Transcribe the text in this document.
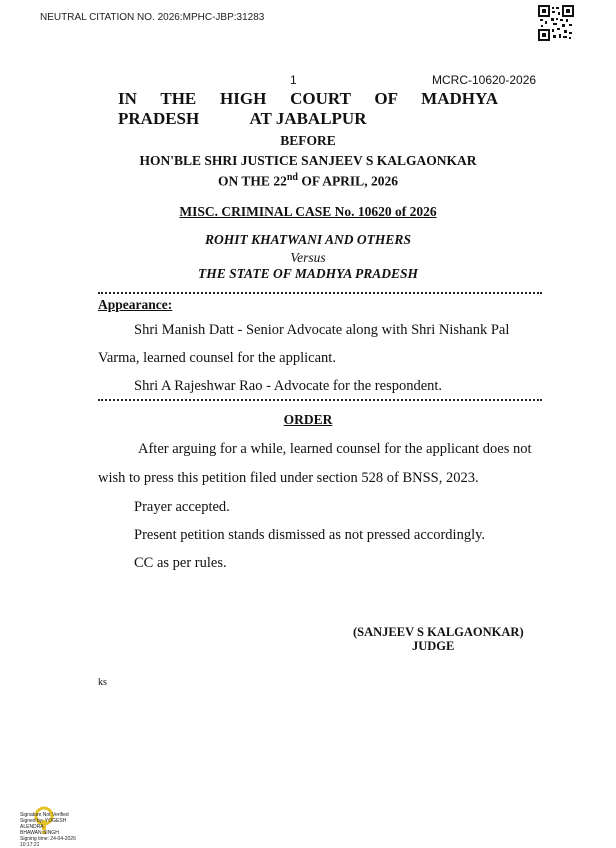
NEUTRAL CITATION NO. 2026:MPHC-JBP:31283
1	MCRC-10620-2026
IN THE HIGH COURT OF MADHYA PRADESH	AT JABALPUR
BEFORE
HON'BLE SHRI JUSTICE SANJEEV S KALGAONKAR
ON THE 22nd OF APRIL, 2026
MISC. CRIMINAL CASE No. 10620 of 2026
ROHIT KHATWANI AND OTHERS
Versus
THE STATE OF MADHYA PRADESH
Appearance:
Shri Manish Datt - Senior Advocate along with Shri Nishank Pal
Varma, learned counsel for the applicant.
Shri A Rajeshwar Rao - Advocate for the respondent.
ORDER
After arguing for a while, learned counsel for the applicant does not
wish to press this petition filed under section 528 of BNSS, 2023.
Prayer accepted.
Present petition stands dismissed as not pressed accordingly.
CC as per rules.
(SANJEEV S KALGAONKAR)
JUDGE
ks
Signature Not Verified
Signed by: YOGESH ALENDRA
BHAWAN SINGH
Signing time: 24-04-2026
10:17:21
